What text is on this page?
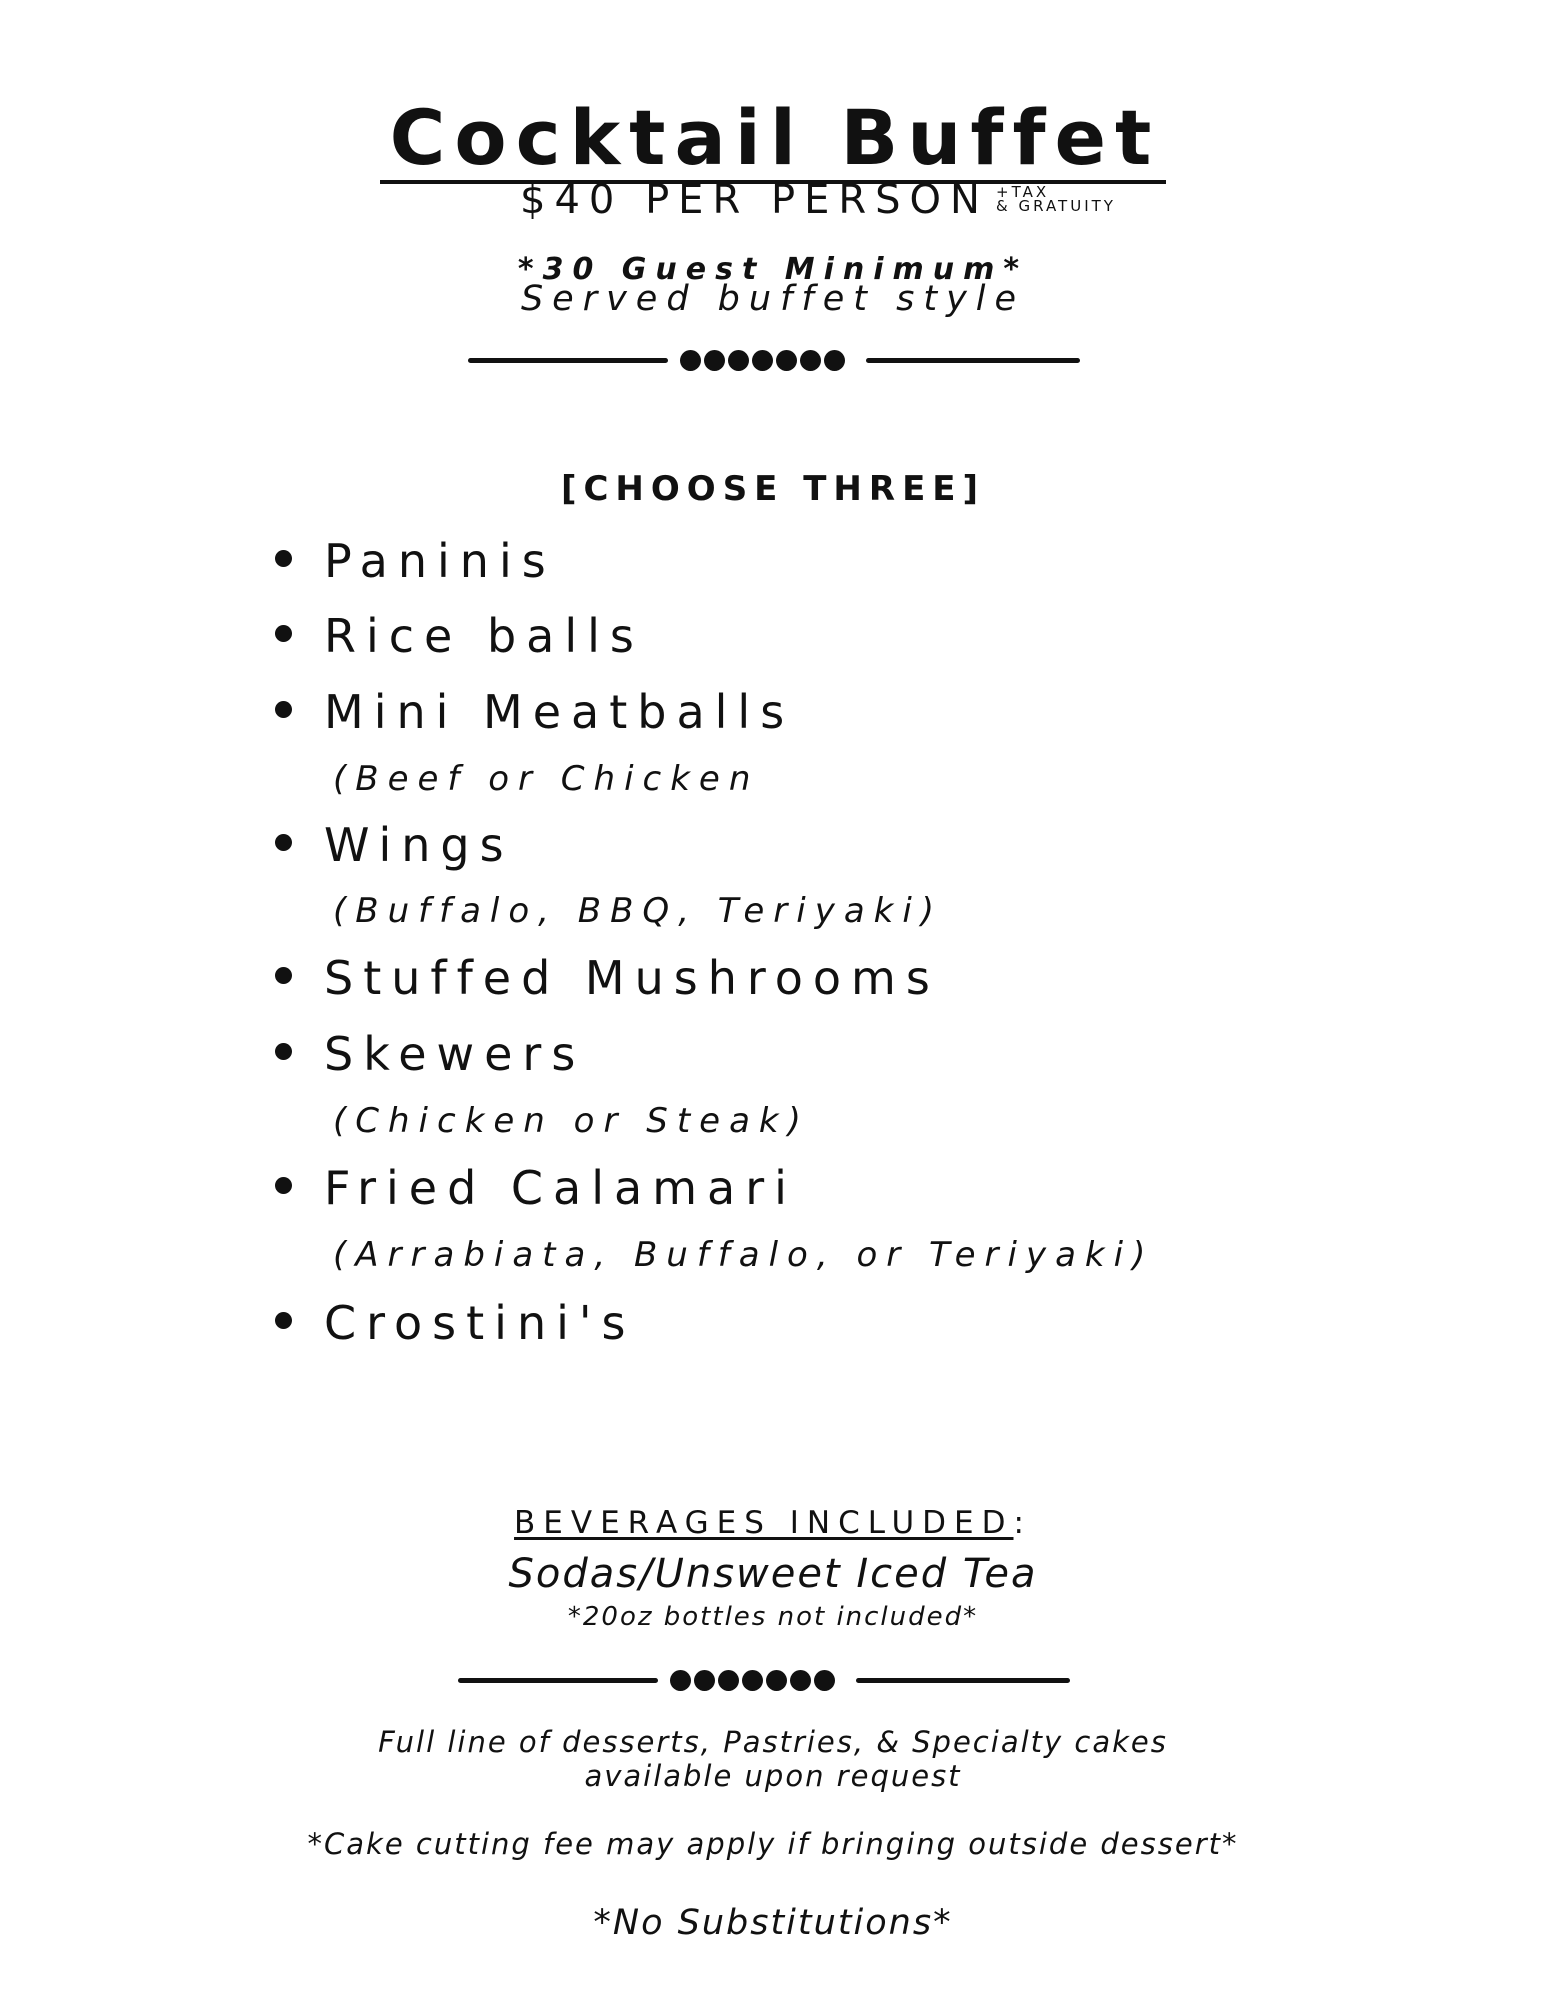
Cocktail Buffet
$40 PER PERSON +TAX
& GRATUITY
*30 Guest Minimum*
Served buffet style
[CHOOSE THREE]
Paninis
Rice balls
Mini Meatballs
(Beef or Chicken
Wings
(Buffalo, BBQ, Teriyaki)
Stuffed Mushrooms
Skewers
(Chicken or Steak)
Fried Calamari
(Arrabiata, Buffalo, or Teriyaki)
Crostini's
BEVERAGES INCLUDED:
Sodas/Unsweet Iced Tea
*20oz bottles not included*
Full line of desserts, Pastries, & Specialty cakes
available upon request
*Cake cutting fee may apply if bringing outside dessert*
*No Substitutions*
